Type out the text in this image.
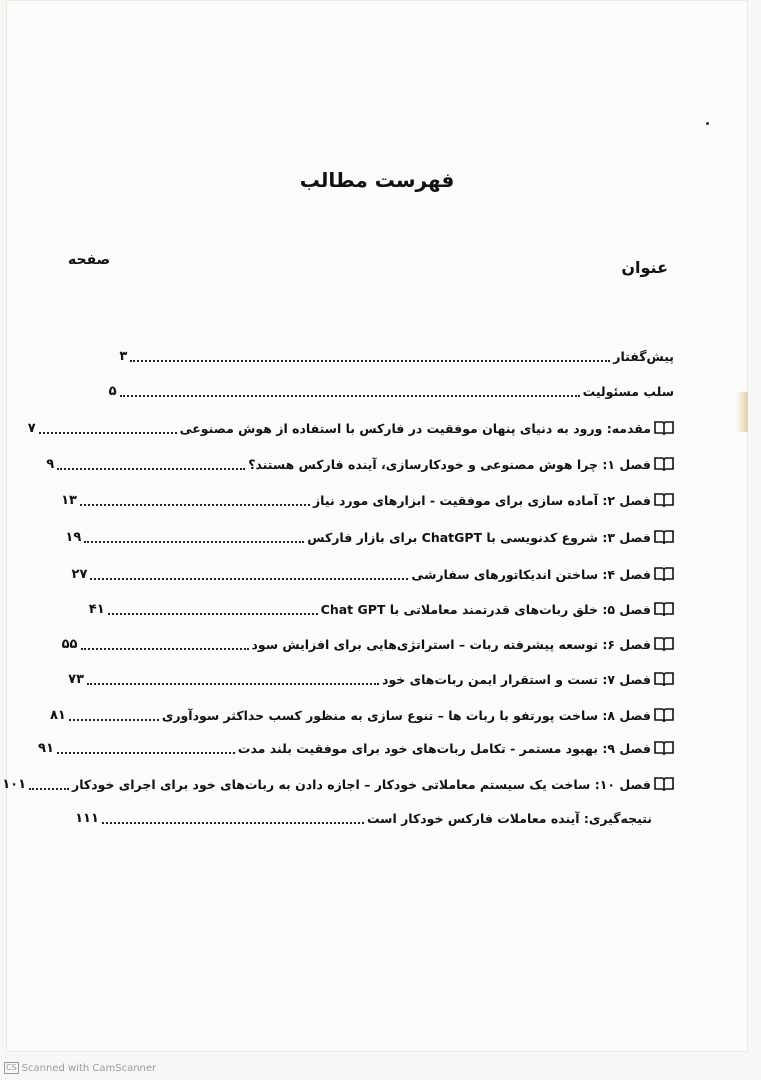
فهرست مطالب
عنوان
صفحه
پیش‌گفتار
۳
سلب مسئولیت
۵
مقدمه: ورود به دنیای پنهان موفقیت در فارکس با استفاده از هوش مصنوعی
۷
فصل ۱: چرا هوش مصنوعی و خودکارسازی، آینده فارکس هستند؟
۹
فصل ۲: آماده سازی برای موفقیت - ابزارهای مورد نیاز
۱۳
فصل ۳: شروع کدنویسی با ChatGPT برای بازار فارکس
۱۹
فصل ۴: ساختن اندیکاتورهای سفارشی
۲۷
فصل ۵: خلق ربات‌های قدرتمند معاملاتی با Chat GPT
۴۱
فصل ۶: توسعه پیشرفته ربات – استراتژی‌هایی برای افزایش سود
۵۵
فصل ۷: تست و استقرار ایمن ربات‌های خود
۷۳
فصل ۸: ساخت پورتفو با ربات ها – تنوع سازی به منظور کسب حداکثر سودآوری
۸۱
فصل ۹: بهبود مستمر - تکامل ربات‌های خود برای موفقیت بلند مدت
۹۱
فصل ۱۰: ساخت یک سیستم معاملاتی خودکار – اجازه دادن به ربات‌های خود برای اجرای خودکار
۱۰۱
نتیجه‌گیری: آینده معاملات فارکس خودکار است
۱۱۱
CS Scanned with CamScanner
